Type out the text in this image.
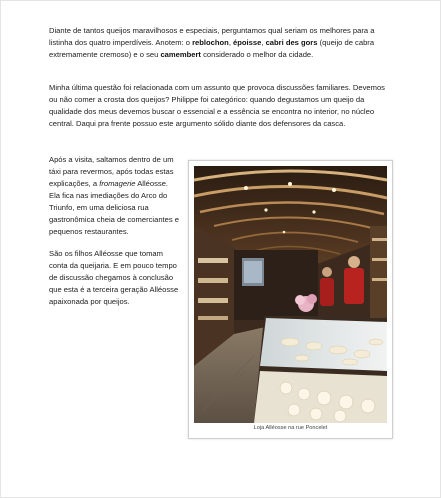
Diante de tantos queijos maravilhosos e especiais, perguntamos qual seriam os melhores para a listinha dos quatro imperdíveis. Anotem: o reblochon, époisse, cabri des gors (queijo de cabra extremamente cremoso) e o seu camembert considerado o melhor da cidade.
Minha última questão foi relacionada com um assunto que provoca discussões familiares. Devemos ou não comer a crosta dos queijos? Philippe foi categórico: quando degustamos um queijo da qualidade dos meus devemos buscar o essencial e a essência se encontra no interior, no núcleo central. Daqui pra frente possuo este argumento sólido diante dos defensores da casca.

Após a visita, saltamos dentro de um táxi para revermos, após todas estas explicações, a fromagerie Alléosse. Ela fica nas imediações do Arco do Triunfo, em uma deliciosa rua gastronômica cheia de comerciantes e pequenos restaurantes.

São os filhos Alléosse que tomam conta da queijaria. E em pouco tempo de discussão chegamos à conclusão que esta é a terceira geração Alléosse apaixonada por queijos.

Loja Alléosse na rue Poncelet
